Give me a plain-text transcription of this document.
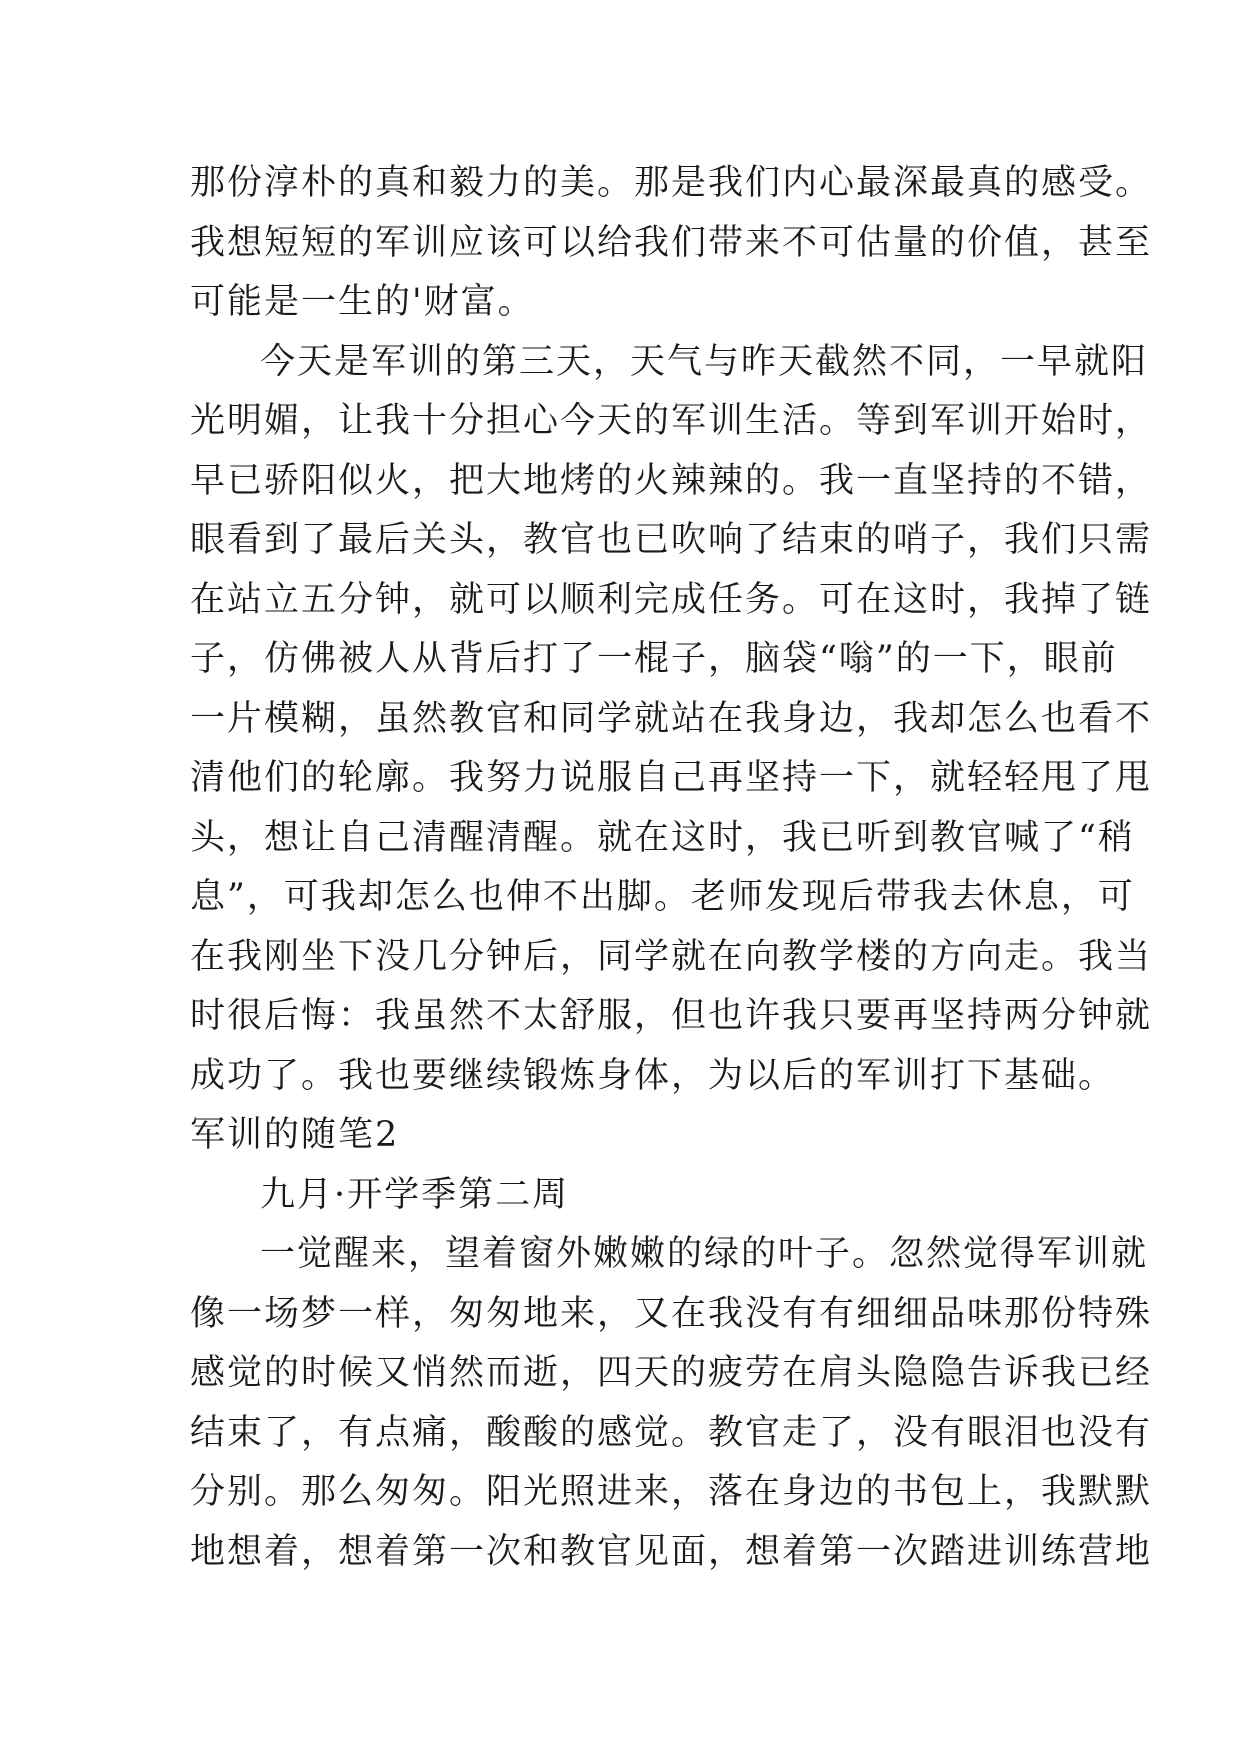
那份淳朴的真和毅力的美。那是我们内心最深最真的感受。
我想短短的军训应该可以给我们带来不可估量的价值，甚至
可能是一生的'财富。
今天是军训的第三天，天气与昨天截然不同，一早就阳
光明媚，让我十分担心今天的军训生活。等到军训开始时，
早已骄阳似火，把大地烤的火辣辣的。我一直坚持的不错，
眼看到了最后关头，教官也已吹响了结束的哨子，我们只需
在站立五分钟，就可以顺利完成任务。可在这时，我掉了链
子，仿佛被人从背后打了一棍子，脑袋“嗡”的一下，眼前
一片模糊，虽然教官和同学就站在我身边，我却怎么也看不
清他们的轮廓。我努力说服自己再坚持一下，就轻轻甩了甩
头，想让自己清醒清醒。就在这时，我已听到教官喊了“稍
息”，可我却怎么也伸不出脚。老师发现后带我去休息，可
在我刚坐下没几分钟后，同学就在向教学楼的方向走。我当
时很后悔：我虽然不太舒服，但也许我只要再坚持两分钟就
成功了。我也要继续锻炼身体，为以后的军训打下基础。
军训的随笔2
九月·开学季第二周
一觉醒来，望着窗外嫩嫩的绿的叶子。忽然觉得军训就
像一场梦一样，匆匆地来，又在我没有有细细品味那份特殊
感觉的时候又悄然而逝，四天的疲劳在肩头隐隐告诉我已经
结束了，有点痛，酸酸的感觉。教官走了，没有眼泪也没有
分别。那么匆匆。阳光照进来，落在身边的书包上，我默默
地想着，想着第一次和教官见面，想着第一次踏进训练营地
